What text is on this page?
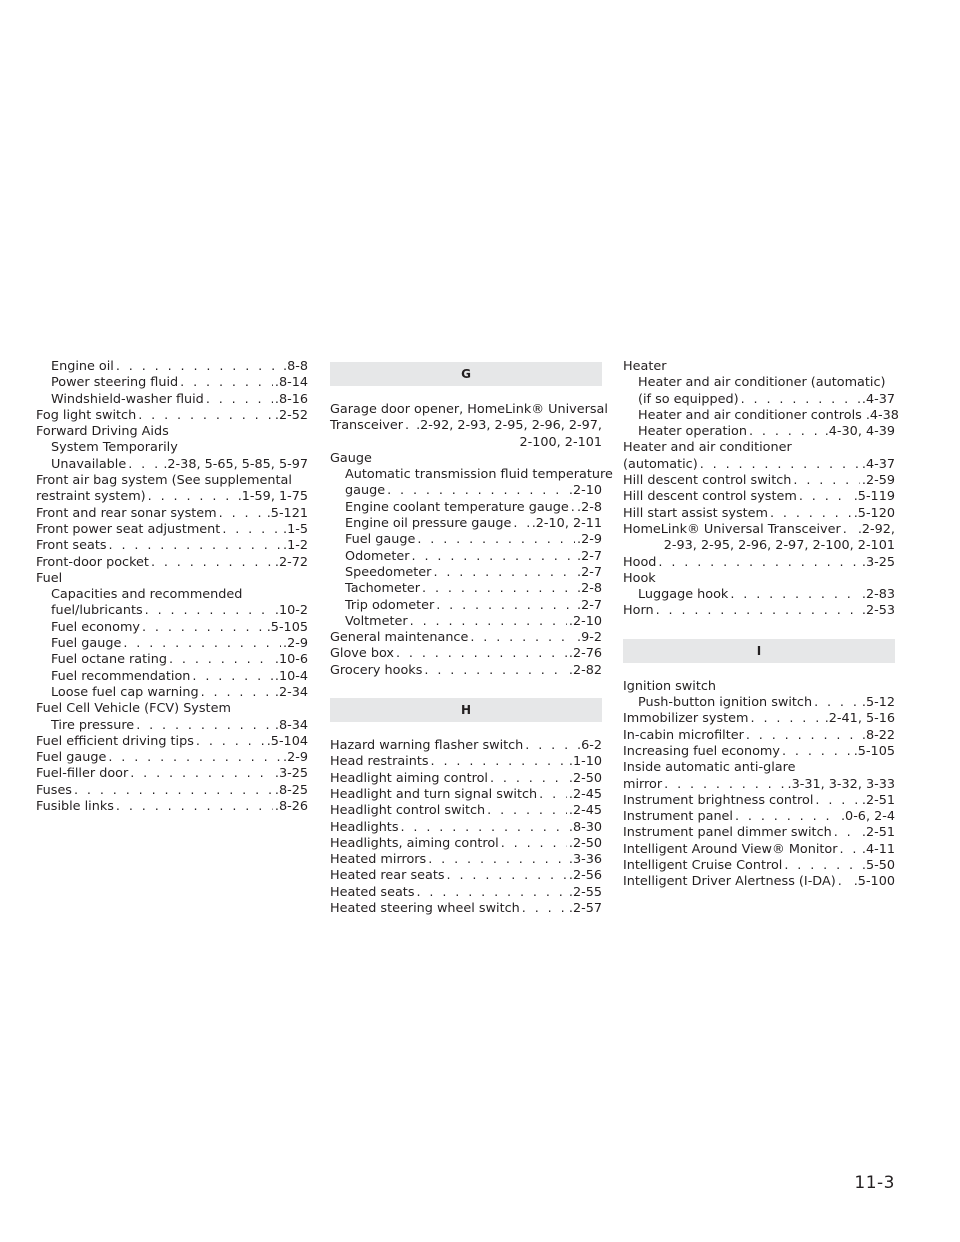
Engine oil . . .	.8-8
Power steering fluid . . .	.8-14
Windshield-washer fluid . . .	.8-16
Fog light switch . . .	.2-52
Forward Driving Aids
System Temporarily
Unavailable . . .	.2-38, 5-65, 5-85, 5-97
Front air bag system (See supplemental
restraint system) . . .	.1-59, 1-75
Front and rear sonar system . . .	.5-121
Front power seat adjustment . . .	.1-5
Front seats . . .	.1-2
Front-door pocket . . .	.2-72
Fuel
Capacities and recommended
fuel/lubricants . . .	.10-2
Fuel economy . . .	.5-105
Fuel gauge . . .	.2-9
Fuel octane rating . . .	.10-6
Fuel recommendation . . .	.10-4
Loose fuel cap warning . . .	.2-34
Fuel Cell Vehicle (FCV) System
Tire pressure . . .	.8-34
Fuel efficient driving tips . . .	.5-104
Fuel gauge . . .	.2-9
Fuel-filler door . . .	.3-25
Fuses . . .	.8-25
Fusible links . . .	.8-26
G
Garage door opener, HomeLink® Universal
Transceiver . . . .2-92, 2-93, 2-95, 2-96, 2-97,
2-100, 2-101
Gauge
Automatic transmission fluid temperature
gauge . . .	.2-10
Engine coolant temperature gauge . . . .2-8
Engine oil pressure gauge . . . .2-10, 2-11
Fuel gauge . . .	.2-9
Odometer . . .	.2-7
Speedometer . . .	.2-7
Tachometer . . .	.2-8
Trip odometer . . .	.2-7
Voltmeter . . .	.2-10
General maintenance . . .	.9-2
Glove box . . .	.2-76
Grocery hooks . . .	.2-82
H
Hazard warning flasher switch . . .	.6-2
Head restraints . . .	.1-10
Headlight aiming control . . .	.2-50
Headlight and turn signal switch . . . .2-45
Headlight control switch . . .	.2-45
Headlights . . .	.8-30
Headlights, aiming control . . .	.2-50
Heated mirrors . . .	.3-36
Heated rear seats . . .	.2-56
Heated seats . . .	.2-55
Heated steering wheel switch . . .	.2-57
Heater
Heater and air conditioner (automatic)
(if so equipped) . . .	.4-37
Heater and air conditioner controls .4-38
Heater operation . . .	.4-30, 4-39
Heater and air conditioner
(automatic) . . .	.4-37
Hill descent control switch . . .	.2-59
Hill descent control system . . .	.5-119
Hill start assist system . . .	.5-120
HomeLink® Universal Transceiver . . . .2-92,
2-93, 2-95, 2-96, 2-97, 2-100, 2-101
Hood . . .	.3-25
Hook
Luggage hook . . .	.2-83
Horn . . .	.2-53
I
Ignition switch
Push-button ignition switch . . .	.5-12
Immobilizer system . . .	.2-41, 5-16
In-cabin microfilter . . .	.8-22
Increasing fuel economy . . .	.5-105
Inside automatic anti-glare
mirror . . .	.3-31, 3-32, 3-33
Instrument brightness control . . .	.2-51
Instrument panel . . .	.0-6, 2-4
Instrument panel dimmer switch . . . .2-51
Intelligent Around View® Monitor . . . .4-11
Intelligent Cruise Control . . .	.5-50
Intelligent Driver Alertness (I-DA) . . . .5-100
11-3
